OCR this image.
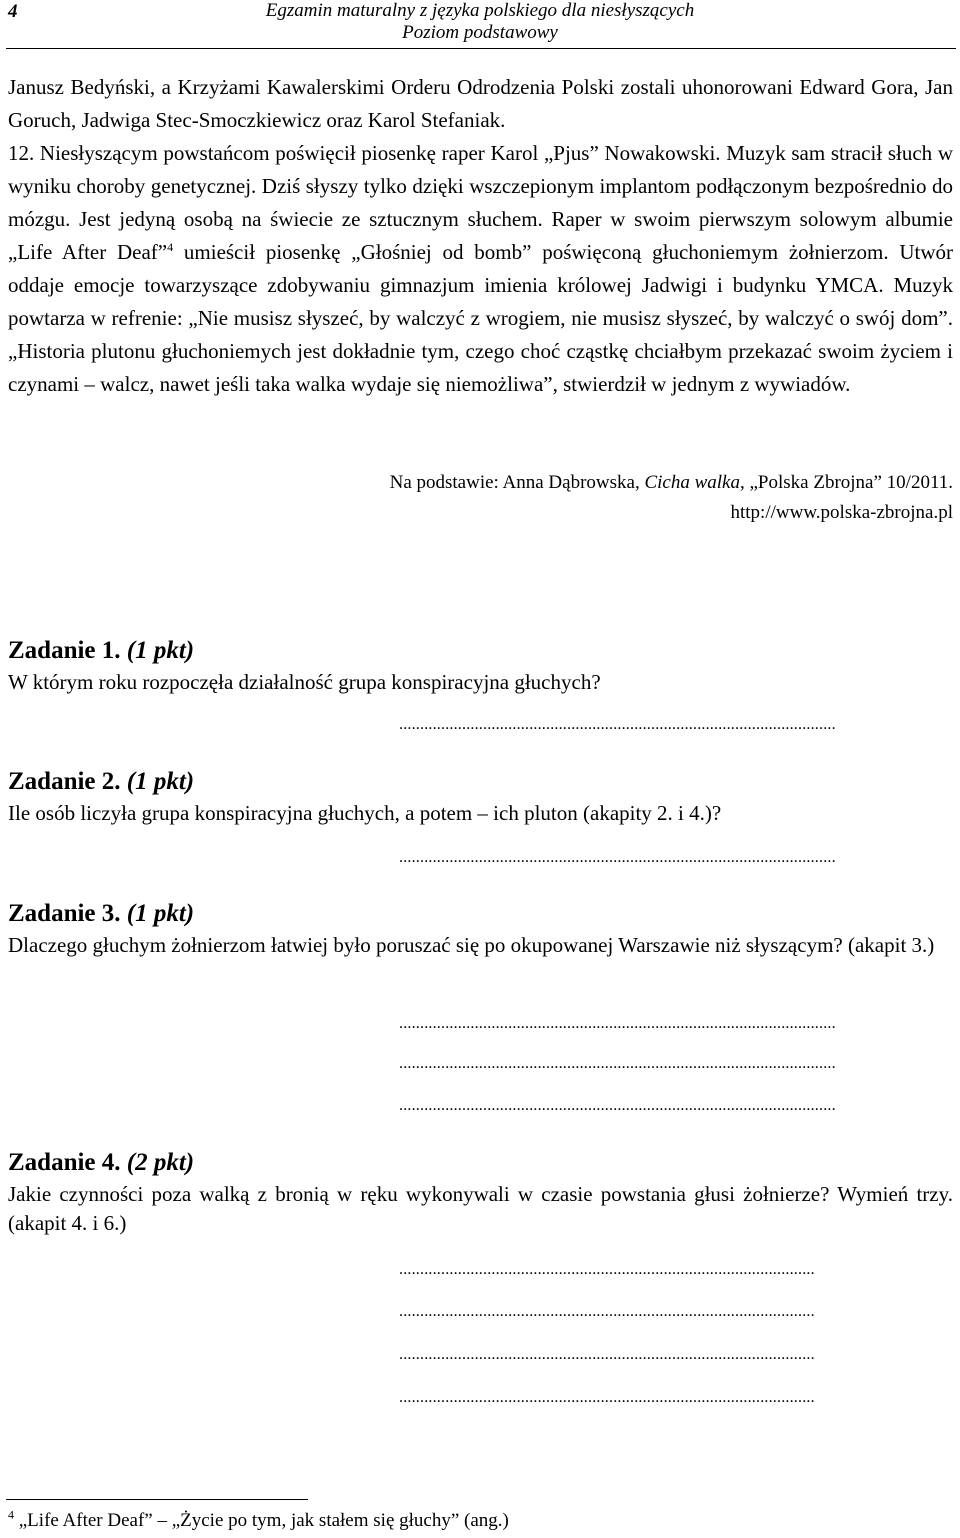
4	Egzamin maturalny z języka polskiego dla niesłyszących
Poziom podstawowy

Janusz Bedyński, a Krzyżami Kawalerskimi Orderu Odrodzenia Polski zostali uhonorowani Edward Gora, Jan Goruch, Jadwiga Stec-Smoczkiewicz oraz Karol Stefaniak.

12. Niesłyszącym powstańcom poświęcił piosenkę raper Karol „Pjus” Nowakowski. Muzyk sam stracił słuch w wyniku choroby genetycznej. Dziś słyszy tylko dzięki wszczepionym implantom podłączonym bezpośrednio do mózgu. Jest jedyną osobą na świecie ze sztucznym słuchem. Raper w swoim pierwszym solowym albumie „Life After Deaf”$^4$ umieścił piosenkę „Głośniej od bomb” poświęconą głuchoniemym żołnierzom. Utwór oddaje emocje towarzyszące zdobywaniu gimnazjum imienia królowej Jadwigi i budynku YMCA. Muzyk powtarza w refrenie: „Nie musisz słyszeć, by walczyć z wrogiem, nie musisz słyszeć, by walczyć o swój dom”. „Historia plutonu głuchoniemych jest dokładnie tym, czego choć cząstkę chciałbym przekazać swoim życiem i czynami – walcz, nawet jeśli taka walka wydaje się niemożliwa”, stwierdził w jednym z wywiadów.

Na podstawie: Anna Dąbrowska, Cicha walka, „Polska Zbrojna” 10/2011.
http://www.polska-zbrojna.pl
Zadanie 1. (1 pkt)
W którym roku rozpoczęła działalność grupa konspiracyjna głuchych?
........................................................................................................
Zadanie 2. (1 pkt)
Ile osób liczyła grupa konspiracyjna głuchych, a potem – ich pluton (akapity 2. i 4.)?
........................................................................................................
Zadanie 3. (1 pkt)
Dlaczego głuchym żołnierzom łatwiej było poruszać się po okupowanej Warszawie niż słyszącym? (akapit 3.)
........................................................................................................
........................................................................................................
........................................................................................................
Zadanie 4. (2 pkt)
Jakie czynności poza walką z bronią w ręku wykonywali w czasie powstania głusi żołnierze? Wymień trzy. (akapit 4. i 6.)
...................................................................................................
...................................................................................................
...................................................................................................
...................................................................................................
$^4$ „Life After Deaf” – „Życie po tym, jak stałem się głuchy” (ang.)
